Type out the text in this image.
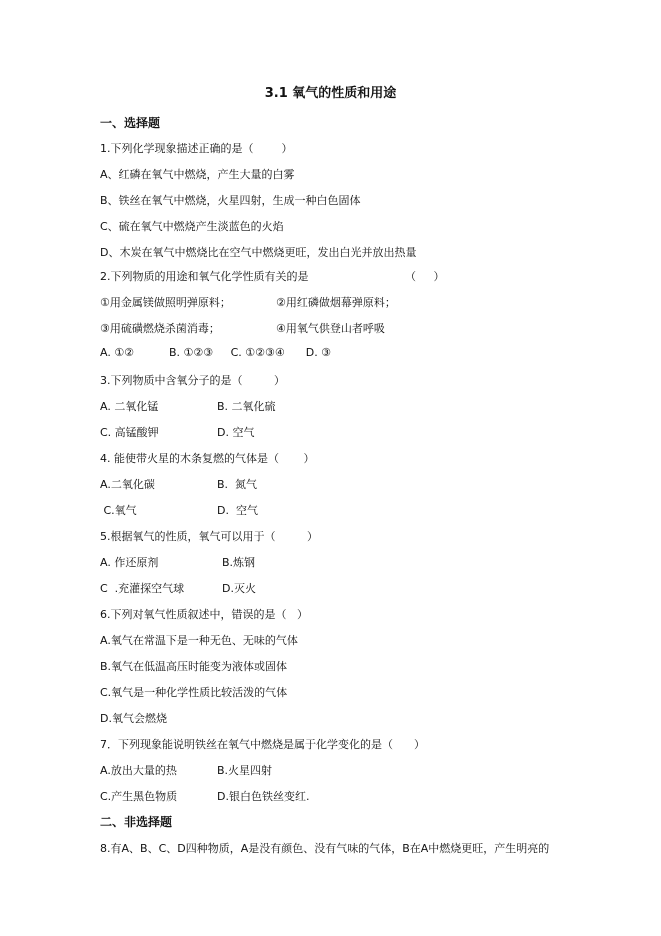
3.1 氧气的性质和用途
一、选择题
1.下列化学现象描述正确的是（        ）
A、红磷在氧气中燃烧，产生大量的白雾
B、铁丝在氧气中燃烧，火星四射，生成一种白色固体
C、硫在氧气中燃烧产生淡蓝色的火焰
D、木炭在氧气中燃烧比在空气中燃烧更旺，发出白光并放出热量
2.下列物质的用途和氧气化学性质有关的是	（     ）
①用金属镁做照明弹原料；	②用红磷做烟幕弹原料；
③用硫磺燃烧杀菌消毒；	④用氧气供登山者呼吸
A. ①②          B. ①②③     C. ①②③④      D. ③
3.下列物质中含氧分子的是（         ）
A. 二氧化锰	B. 二氧化硫
C. 高锰酸钾	D. 空气
4. 能使带火星的木条复燃的气体是（       ）
A.二氧化碳	B.  氮气
C.氧气	D.  空气
5.根据氧气的性质，氧气可以用于（         ）
A. 作还原剂	B.炼钢
C  .充灌探空气球	D.灭火
6.下列对氧气性质叙述中，错误的是（   ）
A.氧气在常温下是一种无色、无味的气体
B.氧气在低温高压时能变为液体或固体
C.氧气是一种化学性质比较活泼的气体
D.氧气会燃烧
7．下列现象能说明铁丝在氧气中燃烧是属于化学变化的是（      ）
A.放出大量的热	B.火星四射
C.产生黑色物质	D.银白色铁丝变红.
二、非选择题
8.有A、B、C、D四种物质，A是没有颜色、没有气味的气体，B在A中燃烧更旺，产生明亮的
